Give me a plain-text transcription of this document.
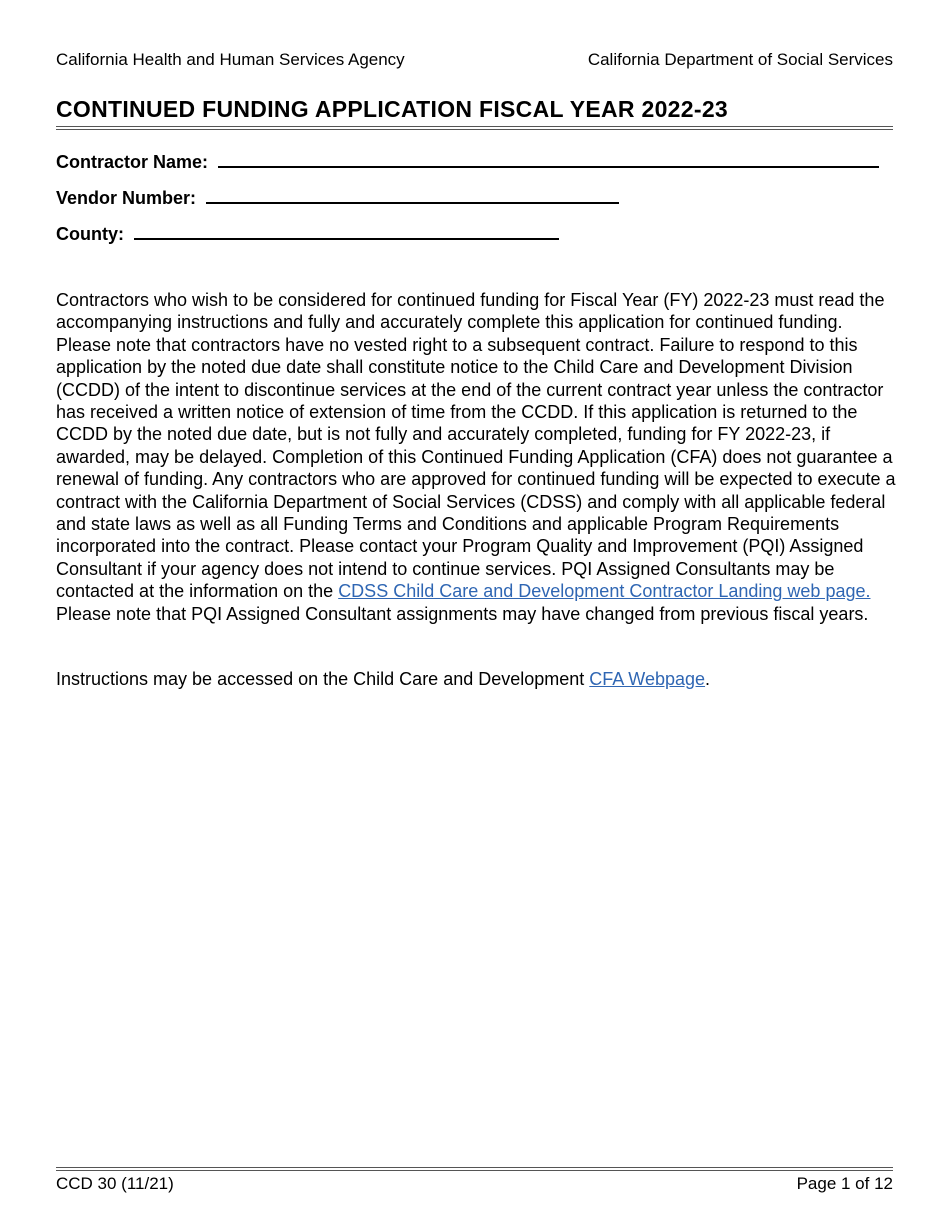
California Health and Human Services Agency	California Department of Social Services
CONTINUED FUNDING APPLICATION FISCAL YEAR 2022-23
Contractor Name:
Vendor Number:
County:

Contractors who wish to be considered for continued funding for Fiscal Year (FY) 2022-23 must read the accompanying instructions and fully and accurately complete this application for continued funding. Please note that contractors have no vested right to a subsequent contract. Failure to respond to this application by the noted due date shall constitute notice to the Child Care and Development Division (CCDD) of the intent to discontinue services at the end of the current contract year unless the contractor has received a written notice of extension of time from the CCDD. If this application is returned to the CCDD by the noted due date, but is not fully and accurately completed, funding for FY 2022-23, if awarded, may be delayed. Completion of this Continued Funding Application (CFA) does not guarantee a renewal of funding. Any contractors who are approved for continued funding will be expected to execute a contract with the California Department of Social Services (CDSS) and comply with all applicable federal and state laws as well as all Funding Terms and Conditions and applicable Program Requirements incorporated into the contract. Please contact your Program Quality and Improvement (PQI) Assigned Consultant if your agency does not intend to continue services. PQI Assigned Consultants may be contacted at the information on the CDSS Child Care and Development Contractor Landing web page. Please note that PQI Assigned Consultant assignments may have changed from previous fiscal years.

Instructions may be accessed on the Child Care and Development CFA Webpage.

CCD 30 (11/21)	Page 1 of 12
